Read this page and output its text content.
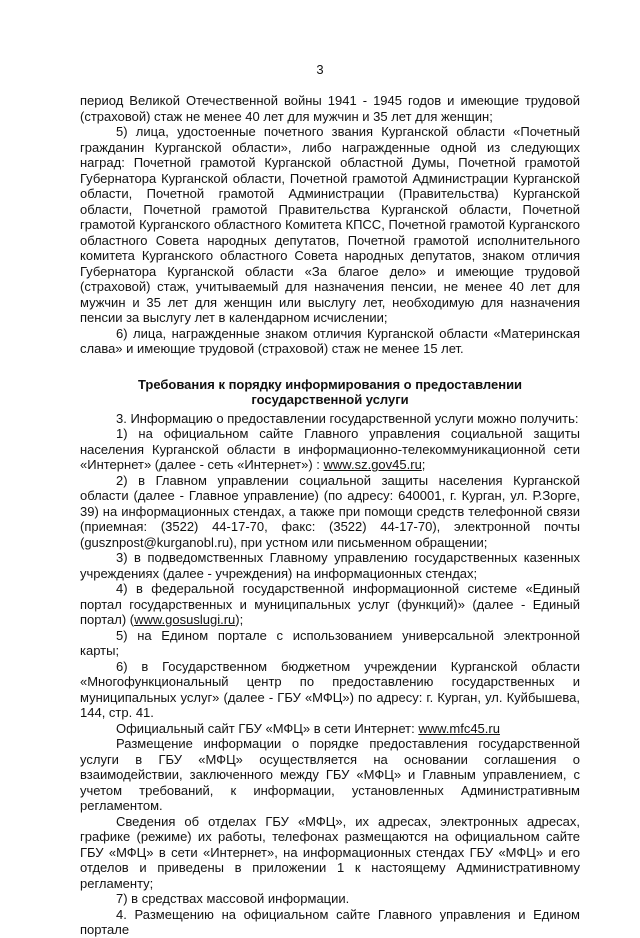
3

период Великой Отечественной войны 1941 - 1945 годов и имеющие трудовой (страховой) стаж не менее 40 лет для мужчин и 35 лет для женщин;

5) лица, удостоенные почетного звания Курганской области «Почетный гражданин Курганской области», либо награжденные одной из следующих наград: Почетной грамотой Курганской областной Думы, Почетной грамотой Губернатора Курганской области, Почетной грамотой Администрации Курганской области, Почетной грамотой Администрации (Правительства) Курганской области, Почетной грамотой Правительства Курганской области, Почетной грамотой Курганского областного Комитета КПСС, Почетной грамотой Курганского областного Совета народных депутатов, Почетной грамотой исполнительного комитета Курганского областного Совета народных депутатов, знаком отличия Губернатора Курганской области «За благое дело» и имеющие трудовой (страховой) стаж, учитываемый для назначения пенсии, не менее 40 лет для мужчин и 35 лет для женщин или выслугу лет, необходимую для назначения пенсии за выслугу лет в календарном исчислении;

6) лица, награжденные знаком отличия Курганской области «Материнская слава» и имеющие трудовой (страховой) стаж не менее 15 лет.

Требования к порядку информирования о предоставлении
государственной услуги

3. Информацию о предоставлении государственной услуги можно получить:

1) на официальном сайте Главного управления социальной защиты населения Курганской области в информационно-телекоммуникационной сети «Интернет» (далее - сеть «Интернет») : www.sz.gov45.ru;

2) в Главном управлении социальной защиты населения Курганской области (далее - Главное управление) (по адресу: 640001, г. Курган, ул. Р.Зорге, 39) на информационных стендах, а также при помощи средств телефонной связи (приемная: (3522) 44-17-70, факс: (3522) 44-17-70), электронной почты (gusznpost@kurganobl.ru), при устном или письменном обращении;

3) в подведомственных Главному управлению государственных казенных учреждениях (далее - учреждения) на информационных стендах;

4) в федеральной государственной информационной системе «Единый портал государственных и муниципальных услуг (функций)» (далее - Единый портал) (www.gosuslugi.ru);

5) на Едином портале с использованием универсальной электронной карты;

6) в Государственном бюджетном учреждении Курганской области «Многофункциональный центр по предоставлению государственных и муниципальных услуг» (далее - ГБУ «МФЦ») по адресу: г. Курган, ул. Куйбышева, 144, стр. 41.

Официальный сайт ГБУ «МФЦ» в сети Интернет: www.mfc45.ru

Размещение информации о порядке предоставления государственной услуги в ГБУ «МФЦ» осуществляется на основании соглашения о взаимодействии, заключенного между ГБУ «МФЦ» и Главным управлением, с учетом требований, к информации, установленных Административным регламентом.

Сведения об отделах ГБУ «МФЦ», их адресах, электронных адресах, графике (режиме) их работы, телефонах размещаются на официальном сайте ГБУ «МФЦ» в сети «Интернет», на информационных стендах ГБУ «МФЦ» и его отделов и приведены в приложении 1 к настоящему Административному регламенту;

7) в средствах массовой информации.

4. Размещению на официальном сайте Главного управления и Едином портале
